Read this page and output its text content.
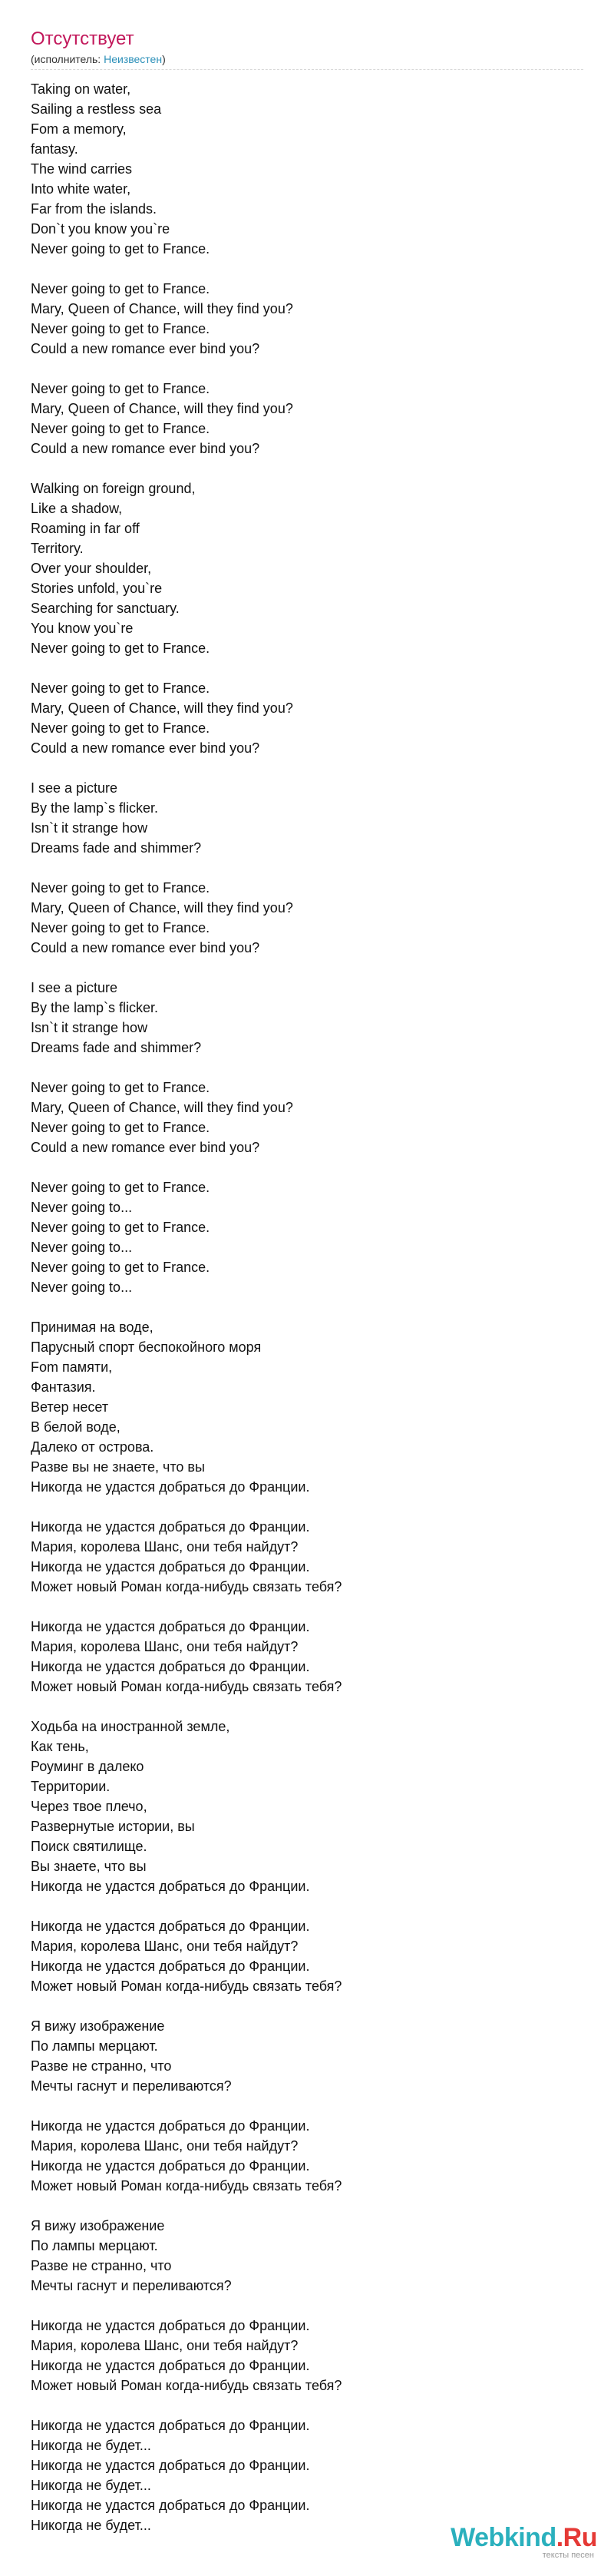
Отсутствует
(исполнитель: Неизвестен)
Taking on water,
Sailing a restless sea
Fom a memory,
fantasy.
The wind carries
Into white water,
Far from the islands.
Don`t you know you`re
Never going to get to France.

Never going to get to France.
Mary, Queen of Chance, will they find you?
Never going to get to France.
Could a new romance ever bind you?

Never going to get to France.
Mary, Queen of Chance, will they find you?
Never going to get to France.
Could a new romance ever bind you?

Walking on foreign ground,
Like a shadow,
Roaming in far off
Territory.
Over your shoulder,
Stories unfold, you`re
Searching for sanctuary.
You know you`re
Never going to get to France.

Never going to get to France.
Mary, Queen of Chance, will they find you?
Never going to get to France.
Could a new romance ever bind you?

I see a picture
By the lamp`s flicker.
Isn`t it strange how
Dreams fade and shimmer?

Never going to get to France.
Mary, Queen of Chance, will they find you?
Never going to get to France.
Could a new romance ever bind you?

I see a picture
By the lamp`s flicker.
Isn`t it strange how
Dreams fade and shimmer?

Never going to get to France.
Mary, Queen of Chance, will they find you?
Never going to get to France.
Could a new romance ever bind you?

Never going to get to France.
Never going to...
Never going to get to France.
Never going to...
Never going to get to France.
Never going to...

Принимая на воде,
Парусный спорт беспокойного моря
Fom памяти,
Фантазия.
Ветер несет
В белой воде,
Далеко от острова.
Разве вы не знаете, что вы
Никогда не удастся добраться до Франции.

Никогда не удастся добраться до Франции.
Мария, королева Шанс, они тебя найдут?
Никогда не удастся добраться до Франции.
Может новый Роман когда-нибудь связать тебя?

Никогда не удастся добраться до Франции.
Мария, королева Шанс, они тебя найдут?
Никогда не удастся добраться до Франции.
Может новый Роман когда-нибудь связать тебя?

Ходьба на иностранной земле,
Как тень,
Роуминг в далеко
Территории.
Через твое плечо,
Развернутые истории, вы
Поиск святилище.
Вы знаете, что вы
Никогда не удастся добраться до Франции.

Никогда не удастся добраться до Франции.
Мария, королева Шанс, они тебя найдут?
Никогда не удастся добраться до Франции.
Может новый Роман когда-нибудь связать тебя?

Я вижу изображение
По лампы мерцают.
Разве не странно, что
Мечты гаснут и переливаются?

Никогда не удастся добраться до Франции.
Мария, королева Шанс, они тебя найдут?
Никогда не удастся добраться до Франции.
Может новый Роман когда-нибудь связать тебя?

Я вижу изображение
По лампы мерцают.
Разве не странно, что
Мечты гаснут и переливаются?

Никогда не удастся добраться до Франции.
Мария, королева Шанс, они тебя найдут?
Никогда не удастся добраться до Франции.
Может новый Роман когда-нибудь связать тебя?

Никогда не удастся добраться до Франции.
Никогда не будет...
Никогда не удастся добраться до Франции.
Никогда не будет...
Никогда не удастся добраться до Франции.
Никогда не будет...	Webkind.Ru
тексты песен
